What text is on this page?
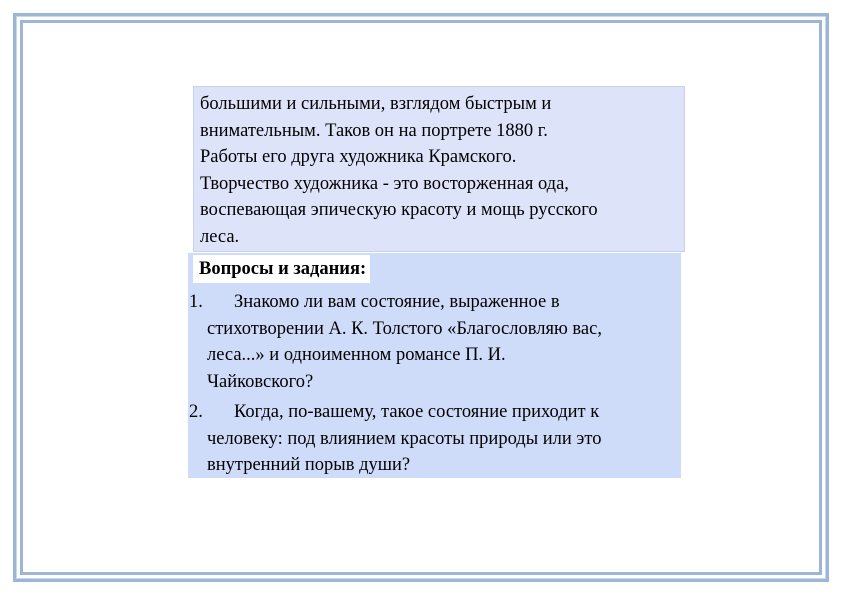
большими и сильными, взглядом быстрым и

внимательным. Таков он на портрете 1880 г.

Работы его друга художника Крамского.

Творчество художника - это восторженная ода,

воспевающая эпическую красоту и мощь русского

леса.

Вопросы и задания:
1.	Знакомо ли вам состояние, выраженное в
стихотворении А. К. Толстого «Благословляю вас,
леса...» и одноименном романсе П. И.
Чайковского?
2.	Когда, по-вашему, такое состояние приходит к
человеку: под влиянием красоты природы или это
внутренний порыв души?
